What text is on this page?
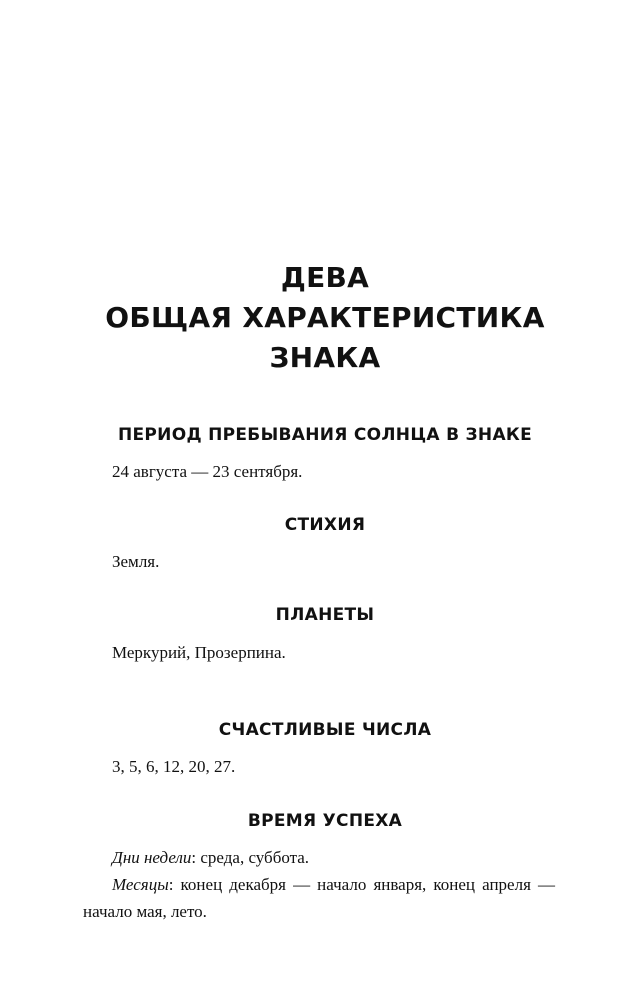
ДЕВА
ОБЩАЯ ХАРАКТЕРИСТИКА
ЗНАКА
ПЕРИОД ПРЕБЫВАНИЯ СОЛНЦА В ЗНАКЕ

24 августа — 23 сентября.

СТИХИЯ

Земля.

ПЛАНЕТЫ

Меркурий, Прозерпина.

СЧАСТЛИВЫЕ ЧИСЛА

3, 5, 6, 12, 20, 27.

ВРЕМЯ УСПЕХА

Дни недели: среда, суббота.

Месяцы: конец декабря — начало января, конец апреля — начало мая, лето.
